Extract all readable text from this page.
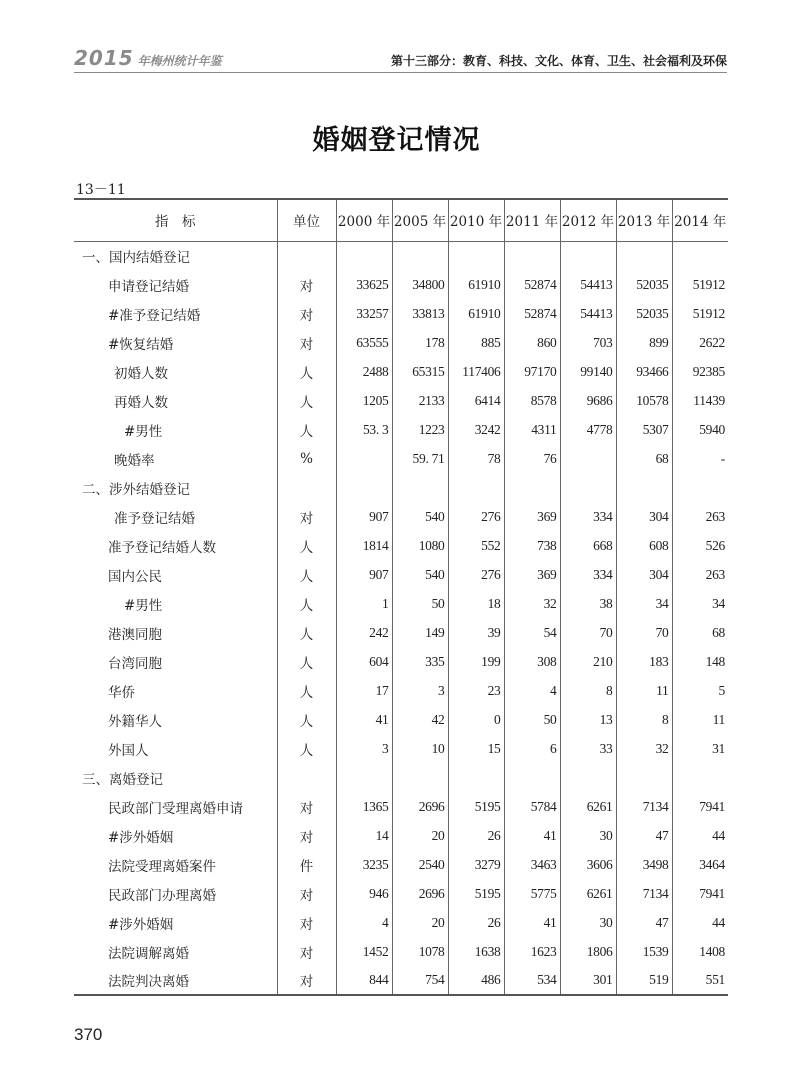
2015 年梅州统计年鉴	第十三部分：教育、科技、文化、体育、卫生、社会福利及环保
婚姻登记情况
13－11
指　标	单位	2000 年	2005 年	2010 年	2011 年	2012 年	2013 年	2014 年
一、国内结婚登记								
申请登记结婚	对	33625	34800	61910	52874	54413	52035	51912
#准予登记结婚	对	33257	33813	61910	52874	54413	52035	51912
#恢复结婚	对	63555	178	885	860	703	899	2622
初婚人数	人	2488	65315	117406	97170	99140	93466	92385
再婚人数	人	1205	2133	6414	8578	9686	10578	11439
#男性	人	53. 3	1223	3242	4311	4778	5307	5940
晚婚率	%		59. 71	78	76		68	-
二、涉外结婚登记								
准予登记结婚	对	907	540	276	369	334	304	263
准予登记结婚人数	人	1814	1080	552	738	668	608	526
国内公民	人	907	540	276	369	334	304	263
#男性	人	1	50	18	32	38	34	34
港澳同胞	人	242	149	39	54	70	70	68
台湾同胞	人	604	335	199	308	210	183	148
华侨	人	17	3	23	4	8	11	5
外籍华人	人	41	42	0	50	13	8	11
外国人	人	3	10	15	6	33	32	31
三、离婚登记								
民政部门受理离婚申请	对	1365	2696	5195	5784	6261	7134	7941
#涉外婚姻	对	14	20	26	41	30	47	44
法院受理离婚案件	件	3235	2540	3279	3463	3606	3498	3464
民政部门办理离婚	对	946	2696	5195	5775	6261	7134	7941
#涉外婚姻	对	4	20	26	41	30	47	44
法院调解离婚	对	1452	1078	1638	1623	1806	1539	1408
法院判决离婚	对	844	754	486	534	301	519	551
370
